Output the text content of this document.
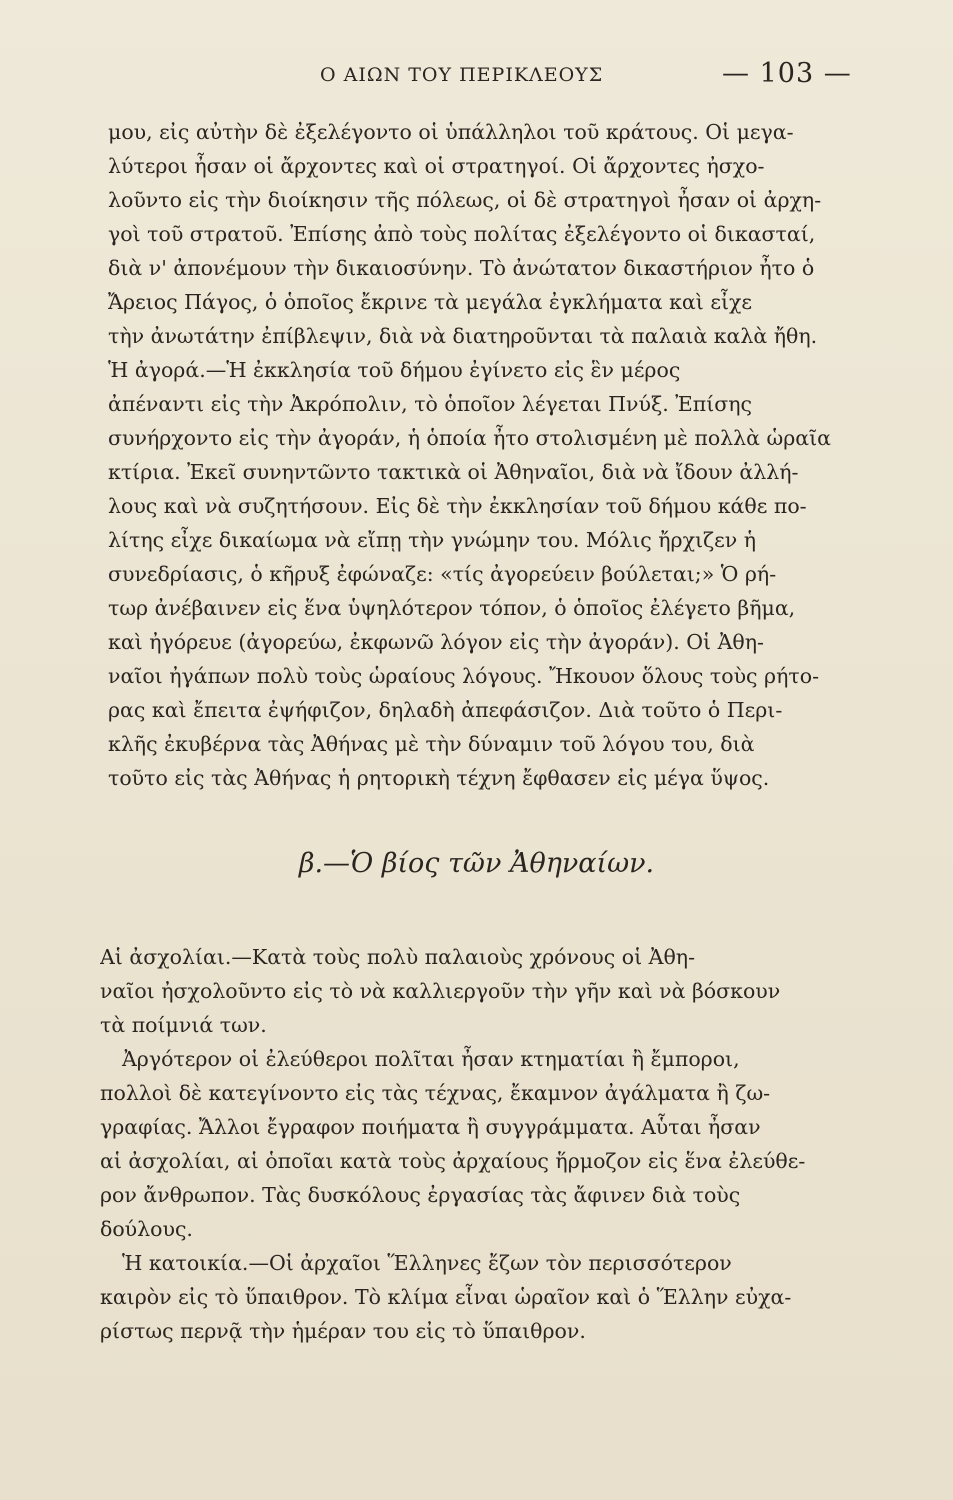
Ο ΑΙΩΝ ΤΟΥ ΠΕΡΙΚΛΕΟΥΣ	— 103 —
μου, εἰς αὐτὴν δὲ ἐξελέγοντο οἱ ὑπάλληλοι τοῦ κράτους. Οἱ μεγα-
λύτεροι ἦσαν οἱ ἄρχοντες καὶ οἱ στρατηγοί. Οἱ ἄρχοντες ἠσχο-
λοῦντο εἰς τὴν διοίκησιν τῆς πόλεως, οἱ δὲ στρατηγοὶ ἦσαν οἱ ἀρχη-
γοὶ τοῦ στρατοῦ. Ἐπίσης ἀπὸ τοὺς πολίτας ἐξελέγοντο οἱ δικασταί,
διὰ ν' ἀπονέμουν τὴν δικαιοσύνην. Τὸ ἀνώτατον δικαστήριον ἦτο ὁ
Ἄρειος Πάγος, ὁ ὁποῖος ἔκρινε τὰ μεγάλα ἐγκλήματα καὶ εἶχε
τὴν ἀνωτάτην ἐπίβλεψιν, διὰ νὰ διατηροῦνται τὰ παλαιὰ καλὰ ἤθη.
Ἡ ἀγορά.—Ἡ ἐκκλησία τοῦ δήμου ἐγίνετο εἰς ἓν μέρος
ἀπέναντι εἰς τὴν Ἀκρόπολιν, τὸ ὁποῖον λέγεται Πνύξ. Ἐπίσης
συνήρχοντο εἰς τὴν ἀγοράν, ἡ ὁποία ἦτο στολισμένη μὲ πολλὰ ὡραῖα
κτίρια. Ἐκεῖ συνηντῶντο τακτικὰ οἱ Ἀθηναῖοι, διὰ νὰ ἴδουν ἀλλή-
λους καὶ νὰ συζητήσουν. Εἰς δὲ τὴν ἐκκλησίαν τοῦ δήμου κάθε πο-
λίτης εἶχε δικαίωμα νὰ εἴπῃ τὴν γνώμην του. Μόλις ἤρχιζεν ἡ
συνεδρίασις, ὁ κῆρυξ ἐφώναζε: «τίς ἀγορεύειν βούλεται;» Ὁ ρή-
τωρ ἀνέβαινεν εἰς ἕνα ὑψηλότερον τόπον, ὁ ὁποῖος ἐλέγετο βῆμα,
καὶ ἠγόρευε (ἀγορεύω, ἐκφωνῶ λόγον εἰς τὴν ἀγοράν). Οἱ Ἀθη-
ναῖοι ἠγάπων πολὺ τοὺς ὡραίους λόγους. Ἤκουον ὅλους τοὺς ρήτο-
ρας καὶ ἔπειτα ἐψήφιζον, δηλαδὴ ἀπεφάσιζον. Διὰ τοῦτο ὁ Περι-
κλῆς ἐκυβέρνα τὰς Ἀθήνας μὲ τὴν δύναμιν τοῦ λόγου του, διὰ
τοῦτο εἰς τὰς Ἀθήνας ἡ ρητορικὴ τέχνη ἔφθασεν εἰς μέγα ὕψος.
β.—Ὁ βίος τῶν Ἀθηναίων.
Αἱ ἀσχολίαι.—Κατὰ τοὺς πολὺ παλαιοὺς χρόνους οἱ Ἀθη-
ναῖοι ἠσχολοῦντο εἰς τὸ νὰ καλλιεργοῦν τὴν γῆν καὶ νὰ βόσκουν
τὰ ποίμνιά των.
Ἀργότερον οἱ ἐλεύθεροι πολῖται ἦσαν κτηματίαι ἢ ἔμποροι,
πολλοὶ δὲ κατεγίνοντο εἰς τὰς τέχνας, ἔκαμνον ἀγάλματα ἢ ζω-
γραφίας. Ἄλλοι ἔγραφον ποιήματα ἢ συγγράμματα. Αὗται ἦσαν
αἱ ἀσχολίαι, αἱ ὁποῖαι κατὰ τοὺς ἀρχαίους ἥρμοζον εἰς ἕνα ἐλεύθε-
ρον ἄνθρωπον. Τὰς δυσκόλους ἐργασίας τὰς ἄφινεν διὰ τοὺς
δούλους.
Ἡ κατοικία.—Οἱ ἀρχαῖοι Ἕλληνες ἔζων τὸν περισσότερον
καιρὸν εἰς τὸ ὕπαιθρον. Τὸ κλίμα εἶναι ὡραῖον καὶ ὁ Ἕλλην εὐχα-
ρίστως περνᾷ τὴν ἡμέραν του εἰς τὸ ὕπαιθρον.
